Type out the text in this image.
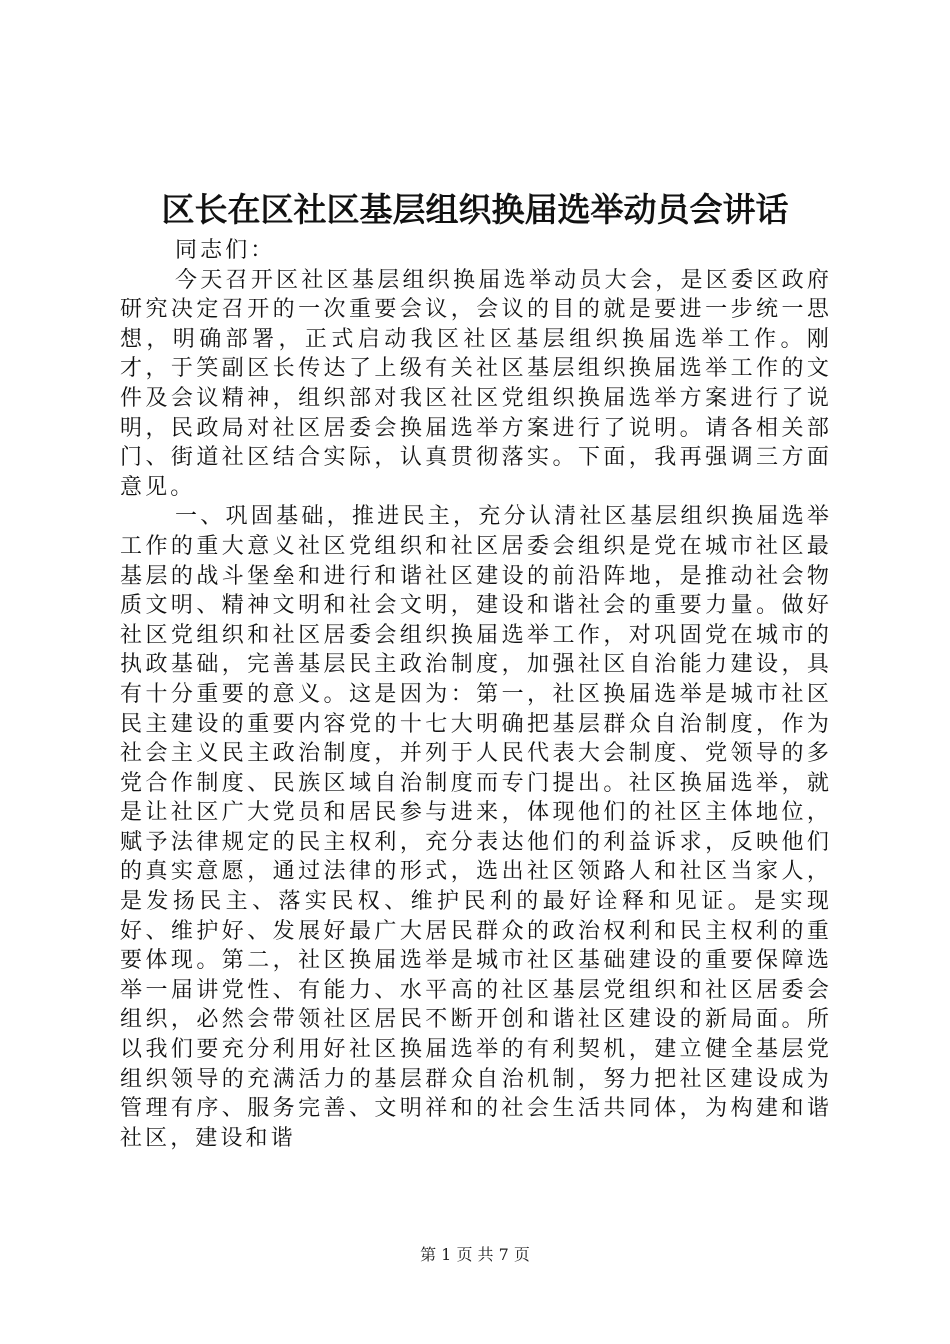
区长在区社区基层组织换届选举动员会讲话

同志们：

今天召开区社区基层组织换届选举动员大会，是区委区政府研究决定召开的一次重要会议，会议的目的就是要进一步统一思想，明确部署，正式启动我区社区基层组织换届选举工作。刚才，于笑副区长传达了上级有关社区基层组织换届选举工作的文件及会议精神，组织部对我区社区党组织换届选举方案进行了说明，民政局对社区居委会换届选举方案进行了说明。请各相关部门、街道社区结合实际，认真贯彻落实。下面，我再强调三方面意见。

一、巩固基础，推进民主，充分认清社区基层组织换届选举工作的重大意义社区党组织和社区居委会组织是党在城市社区最基层的战斗堡垒和进行和谐社区建设的前沿阵地，是推动社会物质文明、精神文明和社会文明，建设和谐社会的重要力量。做好社区党组织和社区居委会组织换届选举工作，对巩固党在城市的执政基础，完善基层民主政治制度，加强社区自治能力建设，具有十分重要的意义。这是因为：第一，社区换届选举是城市社区民主建设的重要内容党的十七大明确把基层群众自治制度，作为社会主义民主政治制度，并列于人民代表大会制度、党领导的多党合作制度、民族区域自治制度而专门提出。社区换届选举，就是让社区广大党员和居民参与进来，体现他们的社区主体地位，赋予法律规定的民主权利，充分表达他们的利益诉求，反映他们的真实意愿，通过法律的形式，选出社区领路人和社区当家人，是发扬民主、落实民权、维护民利的最好诠释和见证。是实现好、维护好、发展好最广大居民群众的政治权利和民主权利的重要体现。第二，社区换届选举是城市社区基础建设的重要保障选举一届讲党性、有能力、水平高的社区基层党组织和社区居委会组织，必然会带领社区居民不断开创和谐社区建设的新局面。所以我们要充分利用好社区换届选举的有利契机，建立健全基层党组织领导的充满活力的基层群众自治机制，努力把社区建设成为管理有序、服务完善、文明祥和的社会生活共同体，为构建和谐社区，建设和谐

第 1 页 共 7 页
